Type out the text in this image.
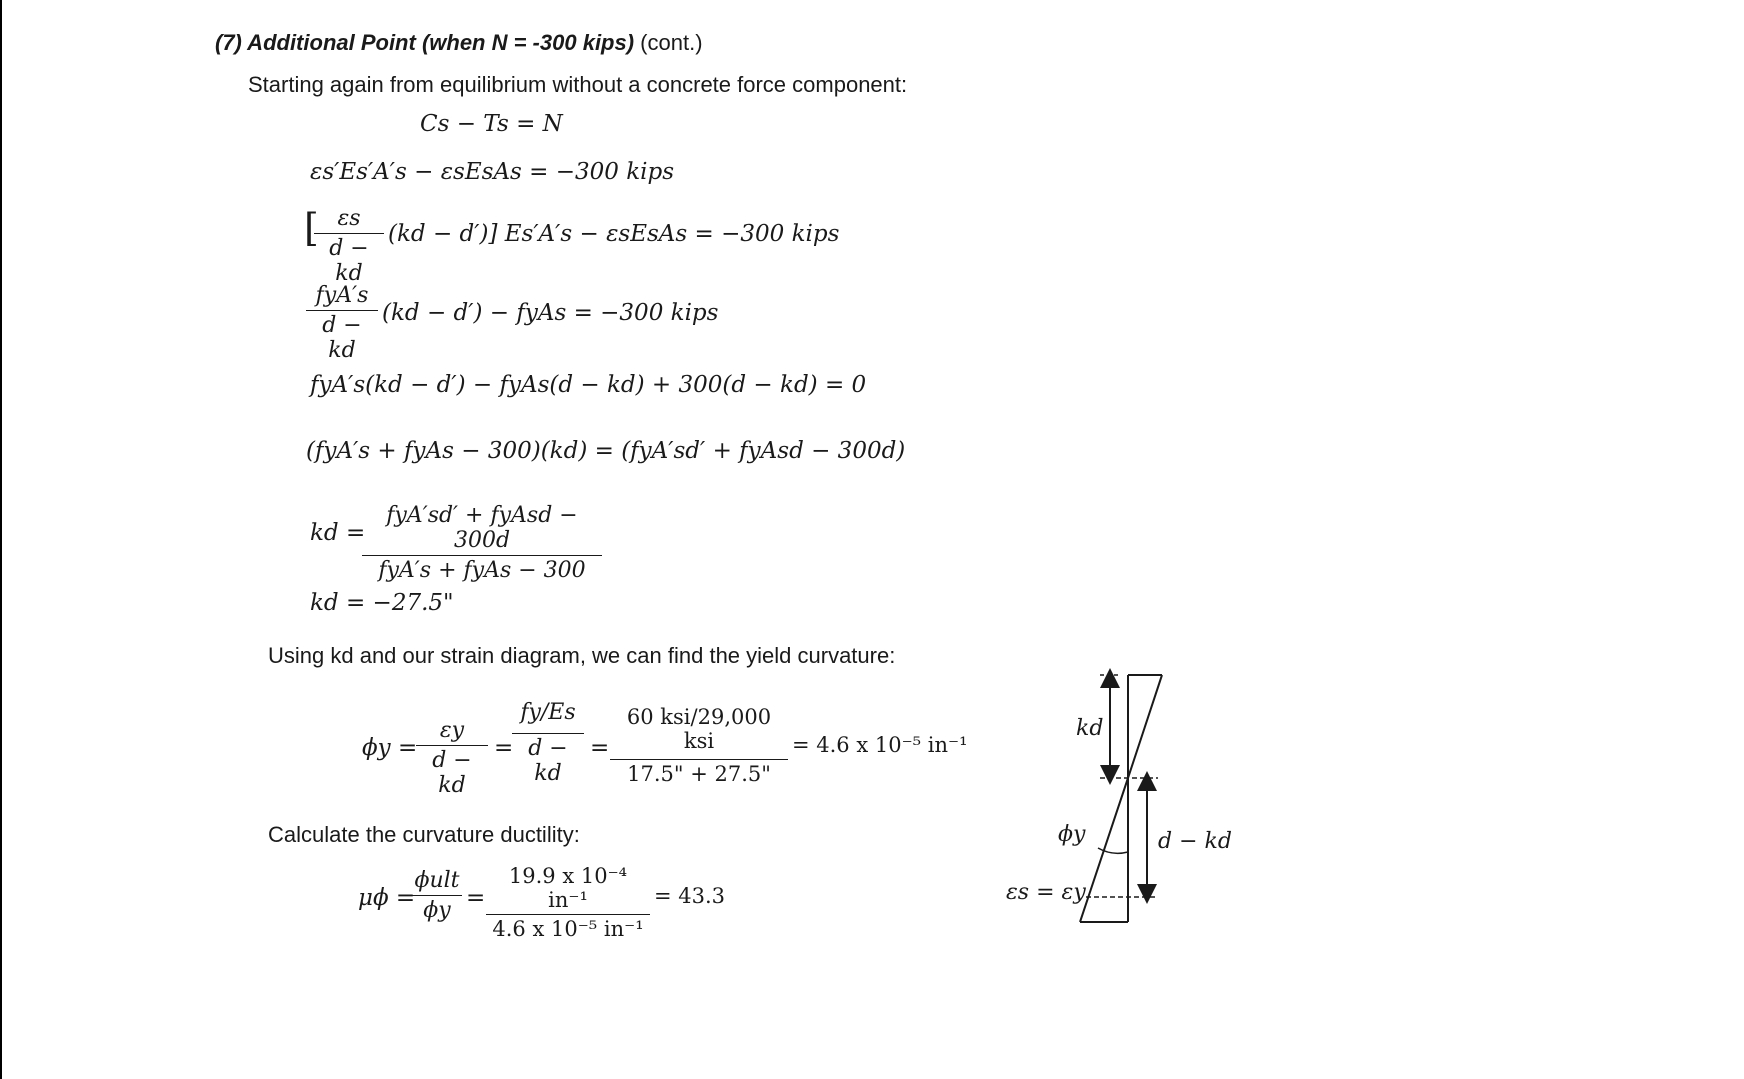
(7) Additional Point (when N = -300 kips) (cont.)
Starting again from equilibrium without a concrete force component:
Cs − Ts = N
εs′Es′A′s − εsEsAs = −300 kips
[
$\frac{\varepsilon s}{d - kd} (kd - d')$] Es′A′s − εsEsAs = −300 kips
fyA′s
d − kd
(kd − d′) − fyAs = −300 kips
fyA′s(kd − d′) − fyAs(d − kd) + 300(d − kd) = 0
(fyA′s + fyAs − 300)(kd) = (fyA′sd′ + fyAsd − 300d)
kd =
fyA′sd′ + fyAsd − 300d
fyA′s + fyAs − 300
kd = −27.5"
Using kd and our strain diagram, we can find the yield curvature:
ϕy =
$\frac{\varepsilon y}{d - kd}$ =
$\frac{fy/Es}{d - kd}$ =
60 ksi/29,000 ksi
17.5" + 27.5"
= 4.6 x 10⁻⁵ in⁻¹
Calculate the curvature ductility:
μϕ =
ϕult
$\phi y = \frac{\text{19.9 x 10⁻⁴ in⁻¹}}{\text{4.6 x 10⁻⁵ in⁻¹}} = 43.3$
kd
ϕy	d − kd
εs = εy
